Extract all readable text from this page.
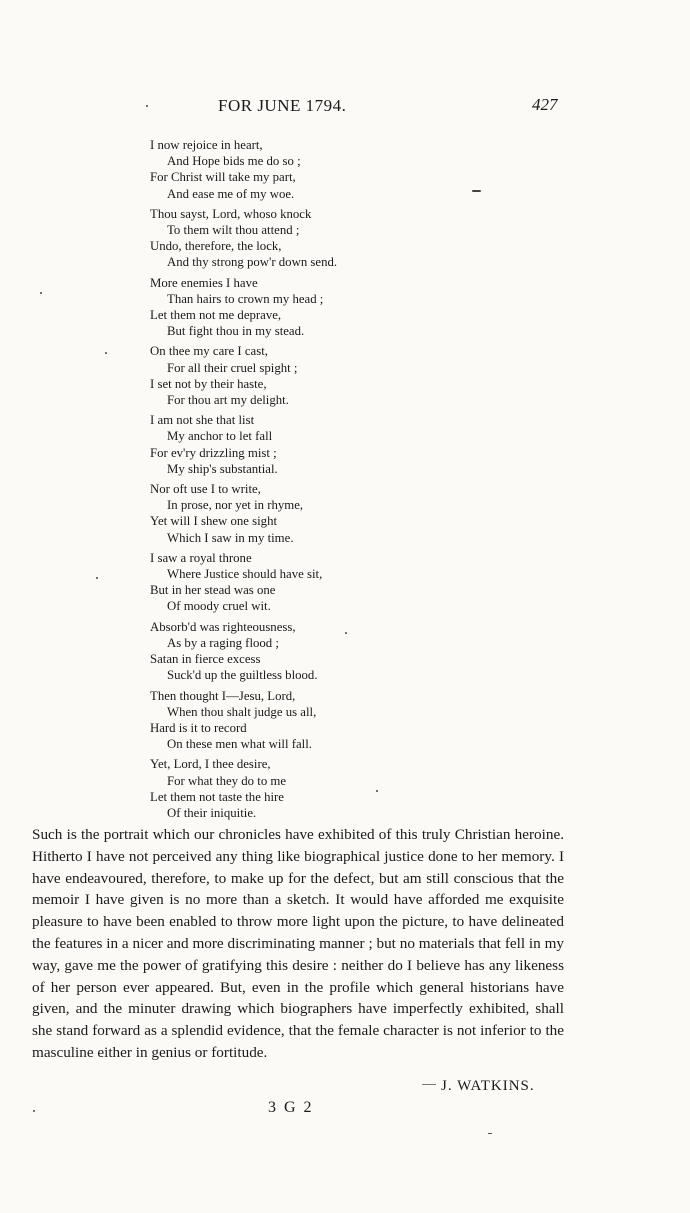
FOR JUNE 1794.	427
I now rejoice in heart,
And Hope bids me do so ;
For Christ will take my part,
And ease me of my woe.
Thou sayst, Lord, whoso knock
To them wilt thou attend ;
Undo, therefore, the lock,
And thy strong pow'r down send.
More enemies I have
Than hairs to crown my head ;
Let them not me deprave,
But fight thou in my stead.
On thee my care I cast,
For all their cruel spight ;
I set not by their haste,
For thou art my delight.
I am not she that list
My anchor to let fall
For ev'ry drizzling mist ;
My ship's substantial.
Nor oft use I to write,
In prose, nor yet in rhyme,
Yet will I shew one sight
Which I saw in my time.
I saw a royal throne
Where Justice should have sit,
But in her stead was one
Of moody cruel wit.
Absorb'd was righteousness,
As by a raging flood ;
Satan in fierce excess
Suck'd up the guiltless blood.
Then thought I—Jesu, Lord,
When thou shalt judge us all,
Hard is it to record
On these men what will fall.
Yet, Lord, I thee desire,
For what they do to me
Let them not taste the hire
Of their iniquitie.

Such is the portrait which our chronicles have exhibited of this truly Christian heroine. Hitherto I have not perceived any thing like biographical justice done to her memory. I have endeavoured, therefore, to make up for the defect, but am still conscious that the memoir I have given is no more than a sketch. It would have afforded me exquisite pleasure to have been enabled to throw more light upon the picture, to have delineated the features in a nicer and more discriminating manner ; but no materials that fell in my way, gave me the power of gratifying this desire : neither do I believe has any likeness of her person ever appeared. But, even in the profile which general historians have given, and the minuter drawing which biographers have imperfectly exhibited, shall she stand forward as a splendid evidence, that the female character is not inferior to the masculine either in genius or fortitude.

J. WATKINS.
3 G 2
